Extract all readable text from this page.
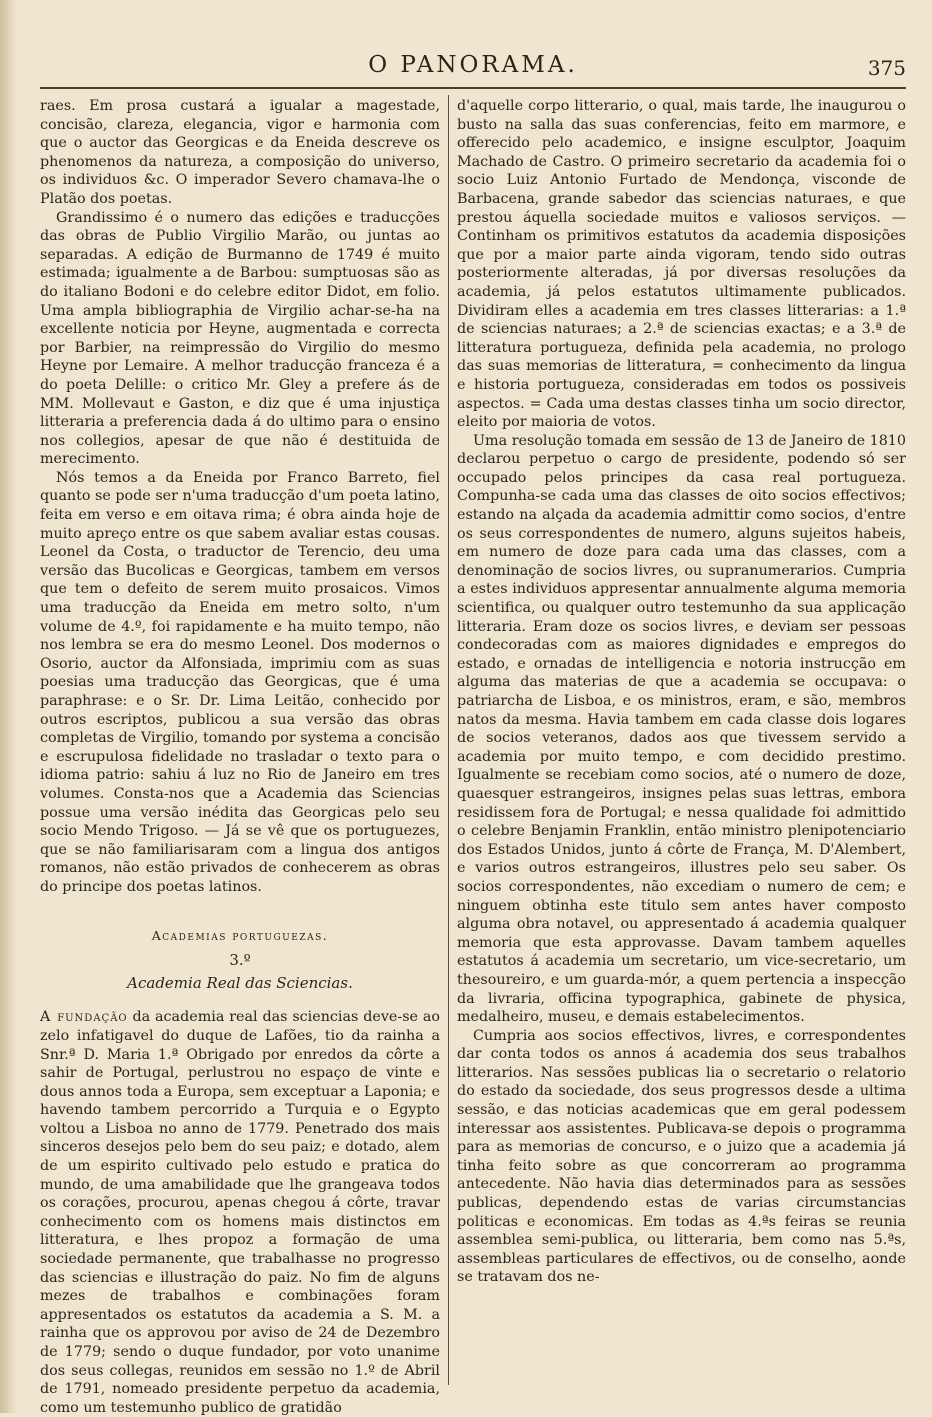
O PANORAMA.	375

raes. Em prosa custará a igualar a magestade, concisão, clareza, elegancia, vigor e harmonia com que o auctor das Georgicas e da Eneida descreve os phenomenos da natureza, a composição do universo, os individuos &c. O imperador Severo chamava-lhe o Platão dos poetas.

Grandissimo é o numero das edições e traducções das obras de Publio Virgilio Marão, ou juntas ao separadas. A edição de Burmanno de 1749 é muito estimada; igualmente a de Barbou: sumptuosas são as do italiano Bodoni e do celebre editor Didot, em folio. Uma ampla bibliographia de Virgilio achar-se-ha na excellente noticia por Heyne, augmentada e correcta por Barbier, na reimpressão do Virgilio do mesmo Heyne por Lemaire. A melhor traducção franceza é a do poeta Delille: o critico Mr. Gley a prefere ás de MM. Mollevaut e Gaston, e diz que é uma injustiça litteraria a preferencia dada á do ultimo para o ensino nos collegios, apesar de que não é destituida de merecimento.

Nós temos a da Eneida por Franco Barreto, fiel quanto se pode ser n'uma traducção d'um poeta latino, feita em verso e em oitava rima; é obra ainda hoje de muito apreço entre os que sabem avaliar estas cousas. Leonel da Costa, o traductor de Terencio, deu uma versão das Bucolicas e Georgicas, tambem em versos que tem o defeito de serem muito prosaicos. Vimos uma traducção da Eneida em metro solto, n'um volume de 4.º, foi rapidamente e ha muito tempo, não nos lembra se era do mesmo Leonel. Dos modernos o Osorio, auctor da Alfonsiada, imprimiu com as suas poesias uma traducção das Georgicas, que é uma paraphrase: e o Sr. Dr. Lima Leitão, conhecido por outros escriptos, publicou a sua versão das obras completas de Virgilio, tomando por systema a concisão e escrupulosa fidelidade no trasladar o texto para o idioma patrio: sahiu á luz no Rio de Janeiro em tres volumes. Consta-nos que a Academia das Sciencias possue uma versão inédita das Georgicas pelo seu socio Mendo Trigoso. — Já se vê que os portuguezes, que se não familiarisaram com a lingua dos antigos romanos, não estão privados de conhecerem as obras do principe dos poetas latinos.

Academias portuguezas.
3.º
Academia Real das Sciencias.

A fundação da academia real das sciencias deve-se ao zelo infatigavel do duque de Lafões, tio da rainha a Snr.ª D. Maria 1.ª Obrigado por enredos da côrte a sahir de Portugal, perlustrou no espaço de vinte e dous annos toda a Europa, sem exceptuar a Laponia; e havendo tambem percorrido a Turquia e o Egypto voltou a Lisboa no anno de 1779. Penetrado dos mais sinceros desejos pelo bem do seu paiz; e dotado, alem de um espirito cultivado pelo estudo e pratica do mundo, de uma amabilidade que lhe grangeava todos os corações, procurou, apenas chegou á côrte, travar conhecimento com os homens mais distinctos em litteratura, e lhes propoz a formação de uma sociedade permanente, que trabalhasse no progresso das sciencias e illustração do paiz. No fim de alguns mezes de trabalhos e combinações foram appresentados os estatutos da academia a S. M. a rainha que os approvou por aviso de 24 de Dezembro de 1779; sendo o duque fundador, por voto unanime dos seus collegas, reunidos em sessão no 1.º de Abril de 1791, nomeado presidente perpetuo da academia, como um testemunho publico de gratidão

d'aquelle corpo litterario, o qual, mais tarde, lhe inaugurou o busto na salla das suas conferencias, feito em marmore, e offerecido pelo academico, e insigne esculptor, Joaquim Machado de Castro. O primeiro secretario da academia foi o socio Luiz Antonio Furtado de Mendonça, visconde de Barbacena, grande sabedor das sciencias naturaes, e que prestou áquella sociedade muitos e valiosos serviços. — Continham os primitivos estatutos da academia disposições que por a maior parte ainda vigoram, tendo sido outras posteriormente alteradas, já por diversas resoluções da academia, já pelos estatutos ultimamente publicados. Dividiram elles a academia em tres classes litterarias: a 1.ª de sciencias naturaes; a 2.ª de sciencias exactas; e a 3.ª de litteratura portugueza, definida pela academia, no prologo das suas memorias de litteratura, = conhecimento da lingua e historia portugueza, consideradas em todos os possiveis aspectos. = Cada uma destas classes tinha um socio director, eleito por maioria de votos.

Uma resolução tomada em sessão de 13 de Janeiro de 1810 declarou perpetuo o cargo de presidente, podendo só ser occupado pelos principes da casa real portugueza. Compunha-se cada uma das classes de oito socios effectivos; estando na alçada da academia admittir como socios, d'entre os seus correspondentes de numero, alguns sujeitos habeis, em numero de doze para cada uma das classes, com a denominação de socios livres, ou supranumerarios. Cumpria a estes individuos appresentar annualmente alguma memoria scientifica, ou qualquer outro testemunho da sua applicação litteraria. Eram doze os socios livres, e deviam ser pessoas condecoradas com as maiores dignidades e empregos do estado, e ornadas de intelligencia e notoria instrucção em alguma das materias de que a academia se occupava: o patriarcha de Lisboa, e os ministros, eram, e são, membros natos da mesma. Havia tambem em cada classe dois logares de socios veteranos, dados aos que tivessem servido a academia por muito tempo, e com decidido prestimo. Igualmente se recebiam como socios, até o numero de doze, quaesquer estrangeiros, insignes pelas suas lettras, embora residissem fora de Portugal; e nessa qualidade foi admittido o celebre Benjamin Franklin, então ministro plenipotenciario dos Estados Unidos, junto á côrte de França, M. D'Alembert, e varios outros estrangeiros, illustres pelo seu saber. Os socios correspondentes, não excediam o numero de cem; e ninguem obtinha este titulo sem antes haver composto alguma obra notavel, ou appresentado á academia qualquer memoria que esta approvasse. Davam tambem aquelles estatutos á academia um secretario, um vice-secretario, um thesoureiro, e um guarda-mór, a quem pertencia a inspecção da livraria, officina typographica, gabinete de physica, medalheiro, museu, e demais estabelecimentos.

Cumpria aos socios effectivos, livres, e correspondentes dar conta todos os annos á academia dos seus trabalhos litterarios. Nas sessões publicas lia o secretario o relatorio do estado da sociedade, dos seus progressos desde a ultima sessão, e das noticias academicas que em geral podessem interessar aos assistentes. Publicava-se depois o programma para as memorias de concurso, e o juizo que a academia já tinha feito sobre as que concorreram ao programma antecedente. Não havia dias determinados para as sessões publicas, dependendo estas de varias circumstancias politicas e economicas. Em todas as 4.ªs feiras se reunia assemblea semi-publica, ou litteraria, bem como nas 5.ªs, assembleas particulares de effectivos, ou de conselho, aonde se tratavam dos ne-
